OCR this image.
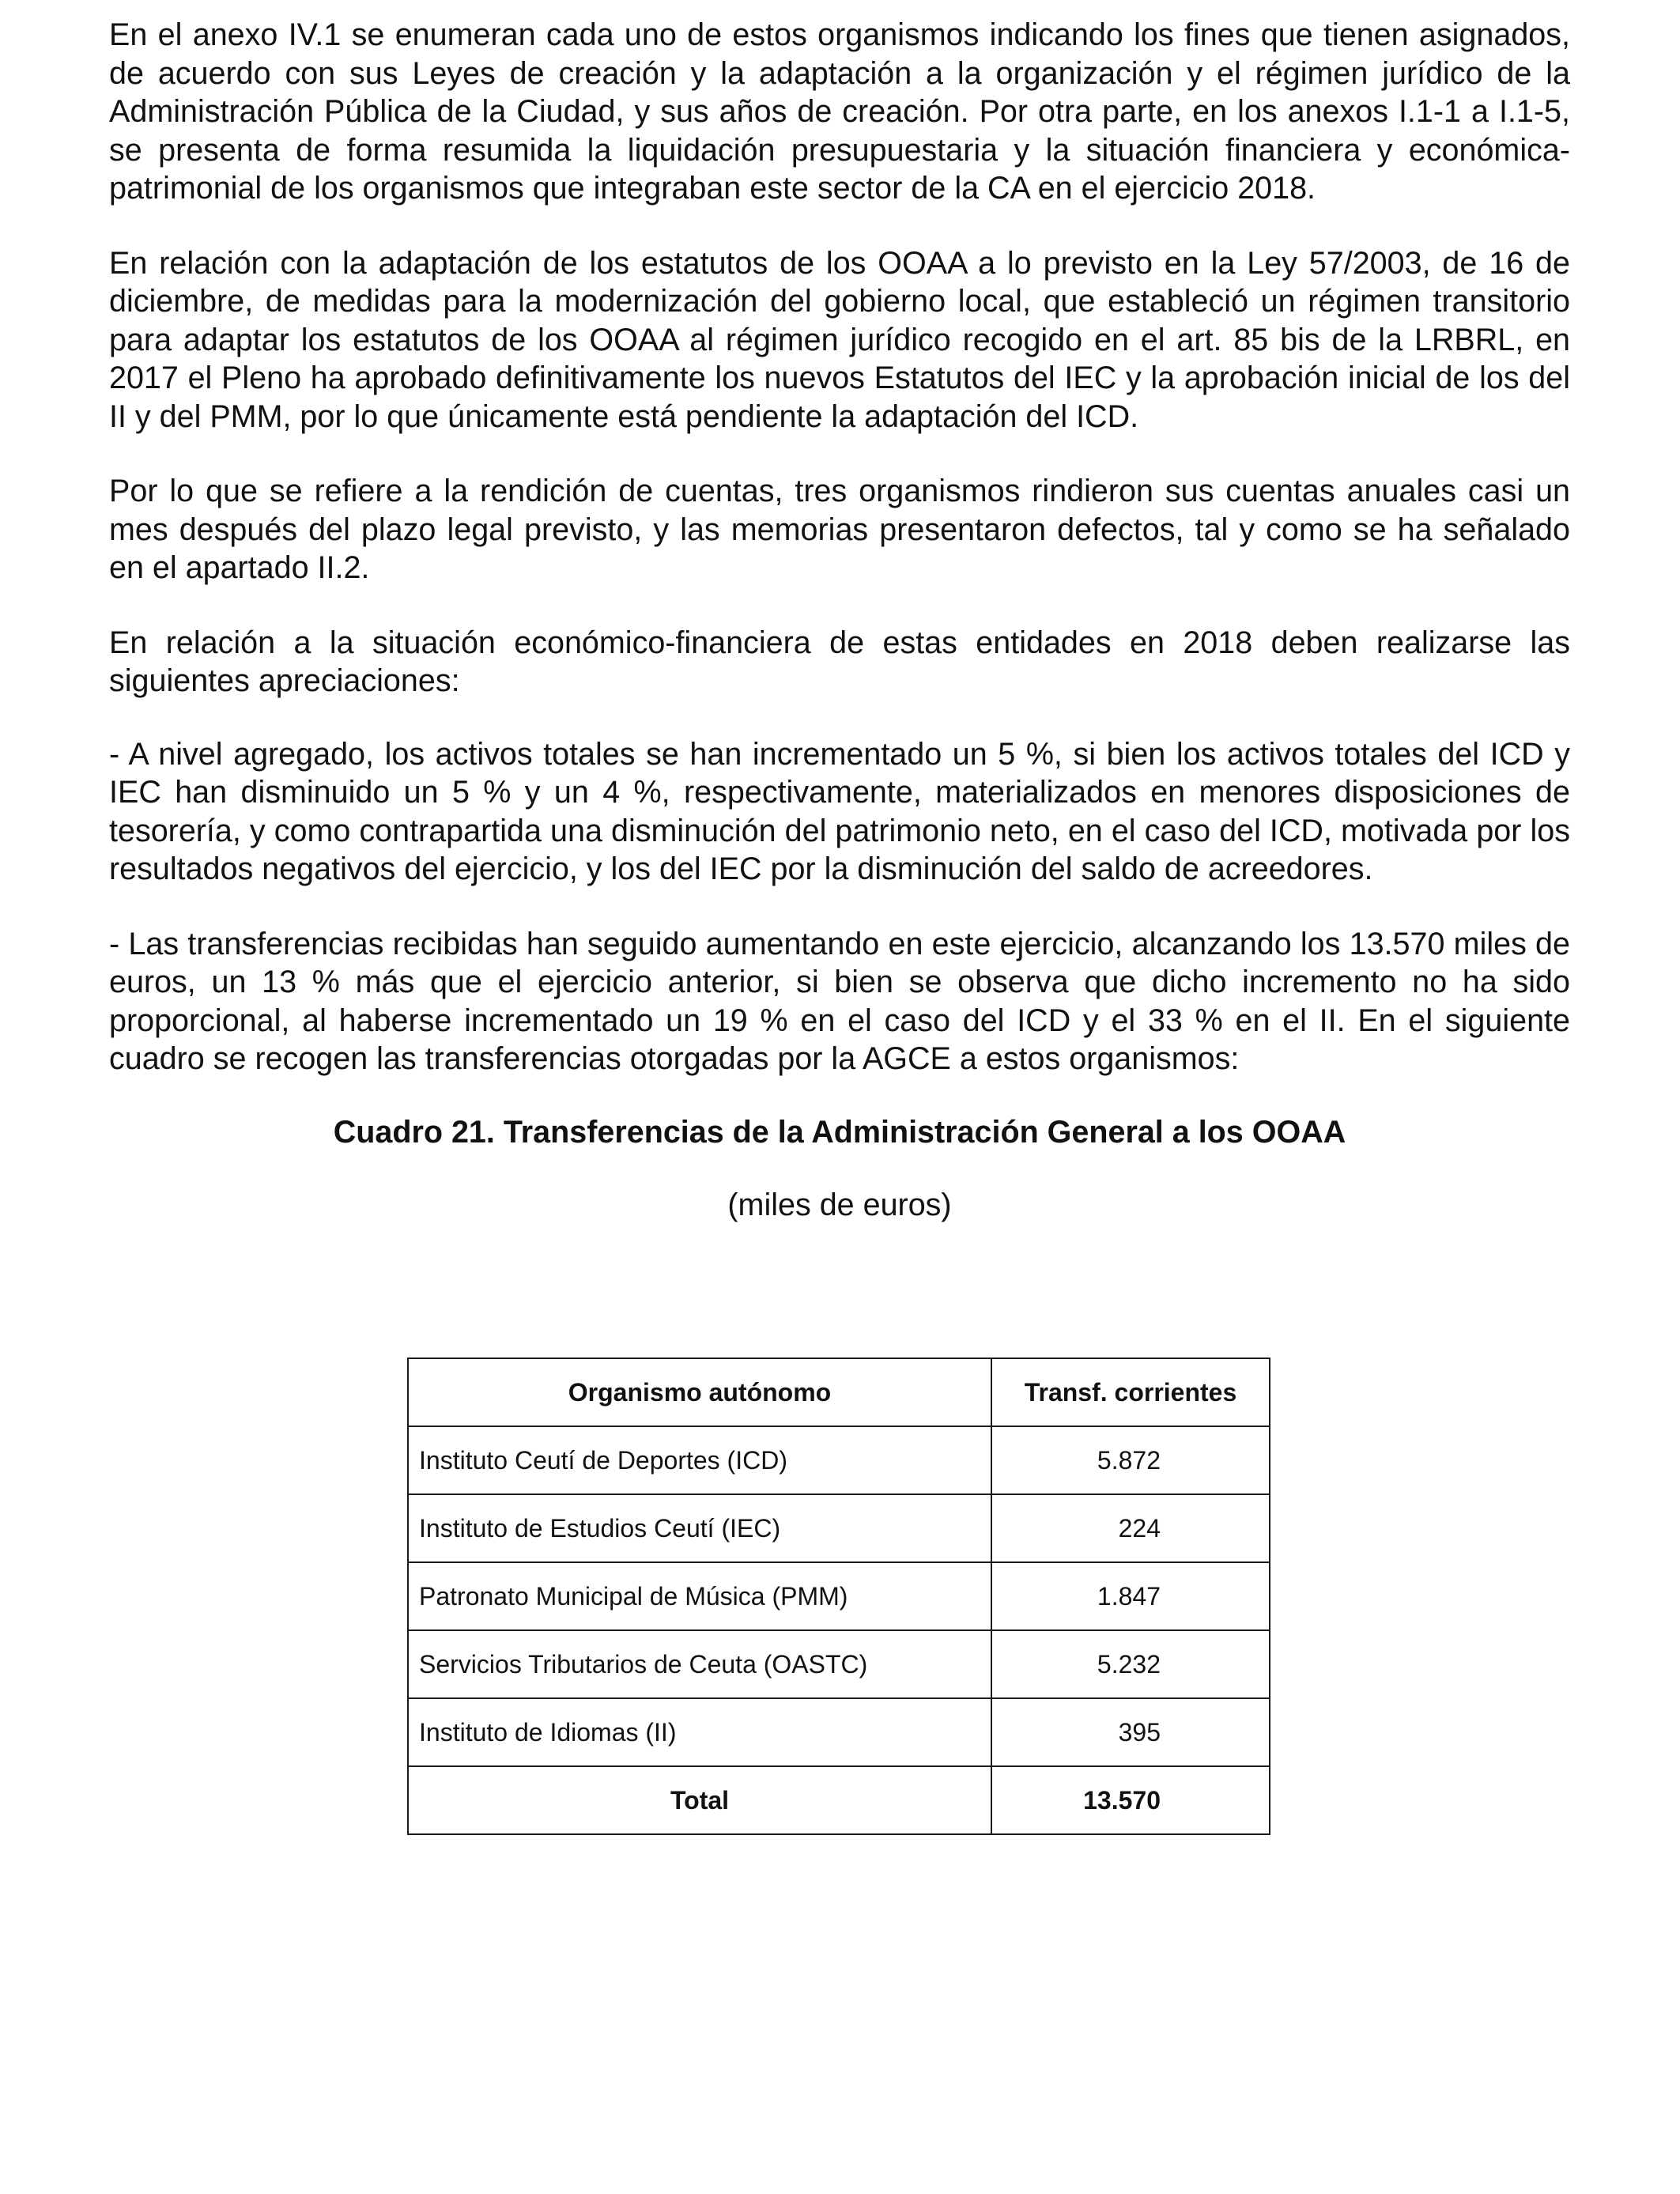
En el anexo IV.1 se enumeran cada uno de estos organismos indicando los fines que tienen asignados, de acuerdo con sus Leyes de creación y la adaptación a la organización y el régimen jurídico de la Administración Pública de la Ciudad, y sus años de creación. Por otra parte, en los anexos I.1-1 a I.1-5, se presenta de forma resumida la liquidación presupuestaria y la situación financiera y económica-patrimonial de los organismos que integraban este sector de la CA en el ejercicio 2018.

En relación con la adaptación de los estatutos de los OOAA a lo previsto en la Ley 57/2003, de 16 de diciembre, de medidas para la modernización del gobierno local, que estableció un régimen transitorio para adaptar los estatutos de los OOAA al régimen jurídico recogido en el art. 85 bis de la LRBRL, en 2017 el Pleno ha aprobado definitivamente los nuevos Estatutos del IEC y la aprobación inicial de los del II y del PMM, por lo que únicamente está pendiente la adaptación del ICD.

Por lo que se refiere a la rendición de cuentas, tres organismos rindieron sus cuentas anuales casi un mes después del plazo legal previsto, y las memorias presentaron defectos, tal y como se ha señalado en el apartado II.2.

En relación a la situación económico-financiera de estas entidades en 2018 deben realizarse las siguientes apreciaciones:

- A nivel agregado, los activos totales se han incrementado un 5 %, si bien los activos totales del ICD y IEC han disminuido un 5 % y un 4 %, respectivamente, materializados en menores disposiciones de tesorería, y como contrapartida una disminución del patrimonio neto, en el caso del ICD, motivada por los resultados negativos del ejercicio, y los del IEC por la disminución del saldo de acreedores.

- Las transferencias recibidas han seguido aumentando en este ejercicio, alcanzando los 13.570 miles de euros, un 13 % más que el ejercicio anterior, si bien se observa que dicho incremento no ha sido proporcional, al haberse incrementado un 19 % en el caso del ICD y el 33 % en el II. En el siguiente cuadro se recogen las transferencias otorgadas por la AGCE a estos organismos:

Cuadro 21. Transferencias de la Administración General a los OOAA

(miles de euros)

Organismo autónomo	Transf. corrientes
Instituto Ceutí de Deportes (ICD)	5.872
Instituto de Estudios Ceutí (IEC)	224
Patronato Municipal de Música (PMM)	1.847
Servicios Tributarios de Ceuta (OASTC)	5.232
Instituto de Idiomas (II)	395
Total	13.570
